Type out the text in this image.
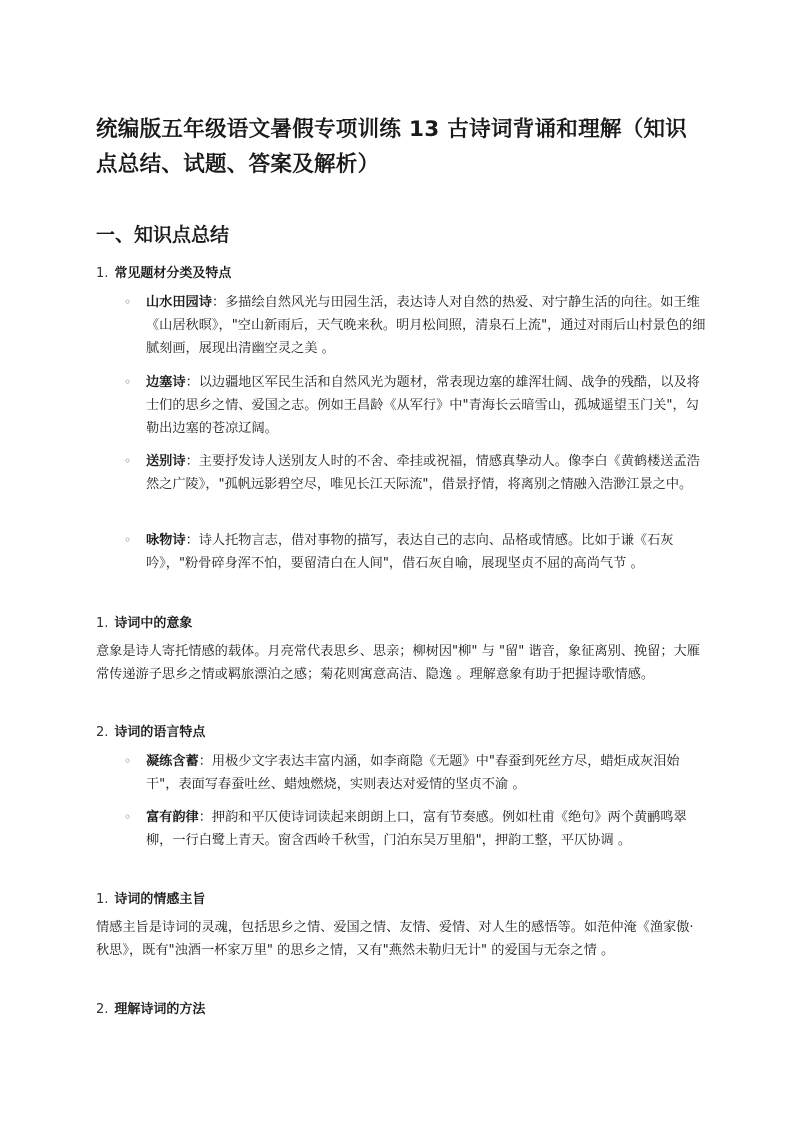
统编版五年级语文暑假专项训练 13 古诗词背诵和理解（知识点总结、试题、答案及解析）
一、知识点总结
1. 常见题材分类及特点
◦ 山水田园诗：多描绘自然风光与田园生活，表达诗人对自然的热爱、对宁静生活的向往。如王维《山居秋暝》，"空山新雨后，天气晚来秋。明月松间照，清泉石上流"，通过对雨后山村景色的细腻刻画，展现出清幽空灵之美 。
◦ 边塞诗：以边疆地区军民生活和自然风光为题材，常表现边塞的雄浑壮阔、战争的残酷，以及将士们的思乡之情、爱国之志。例如王昌龄《从军行》中"青海长云暗雪山，孤城遥望玉门关"，勾勒出边塞的苍凉辽阔。
◦ 送别诗：主要抒发诗人送别友人时的不舍、牵挂或祝福，情感真挚动人。像李白《黄鹤楼送孟浩然之广陵》，"孤帆远影碧空尽，唯见长江天际流"，借景抒情，将离别之情融入浩渺江景之中。
◦ 咏物诗：诗人托物言志，借对事物的描写，表达自己的志向、品格或情感。比如于谦《石灰吟》，"粉骨碎身浑不怕，要留清白在人间"，借石灰自喻，展现坚贞不屈的高尚气节 。
1. 诗词中的意象
意象是诗人寄托情感的载体。月亮常代表思乡、思亲；柳树因"柳" 与 "留" 谐音，象征离别、挽留；大雁常传递游子思乡之情或羁旅漂泊之感；菊花则寓意高洁、隐逸 。理解意象有助于把握诗歌情感。
2. 诗词的语言特点
◦ 凝练含蓄：用极少文字表达丰富内涵，如李商隐《无题》中"春蚕到死丝方尽，蜡炬成灰泪始干"，表面写春蚕吐丝、蜡烛燃烧，实则表达对爱情的坚贞不渝 。
◦ 富有韵律：押韵和平仄使诗词读起来朗朗上口，富有节奏感。例如杜甫《绝句》两个黄鹂鸣翠柳，一行白鹭上青天。窗含西岭千秋雪，门泊东吴万里船"，押韵工整，平仄协调 。
1. 诗词的情感主旨
情感主旨是诗词的灵魂，包括思乡之情、爱国之情、友情、爱情、对人生的感悟等。如范仲淹《渔家傲·秋思》，既有"浊酒一杯家万里" 的思乡之情，又有"燕然未勒归无计" 的爱国与无奈之情 。
2. 理解诗词的方法
